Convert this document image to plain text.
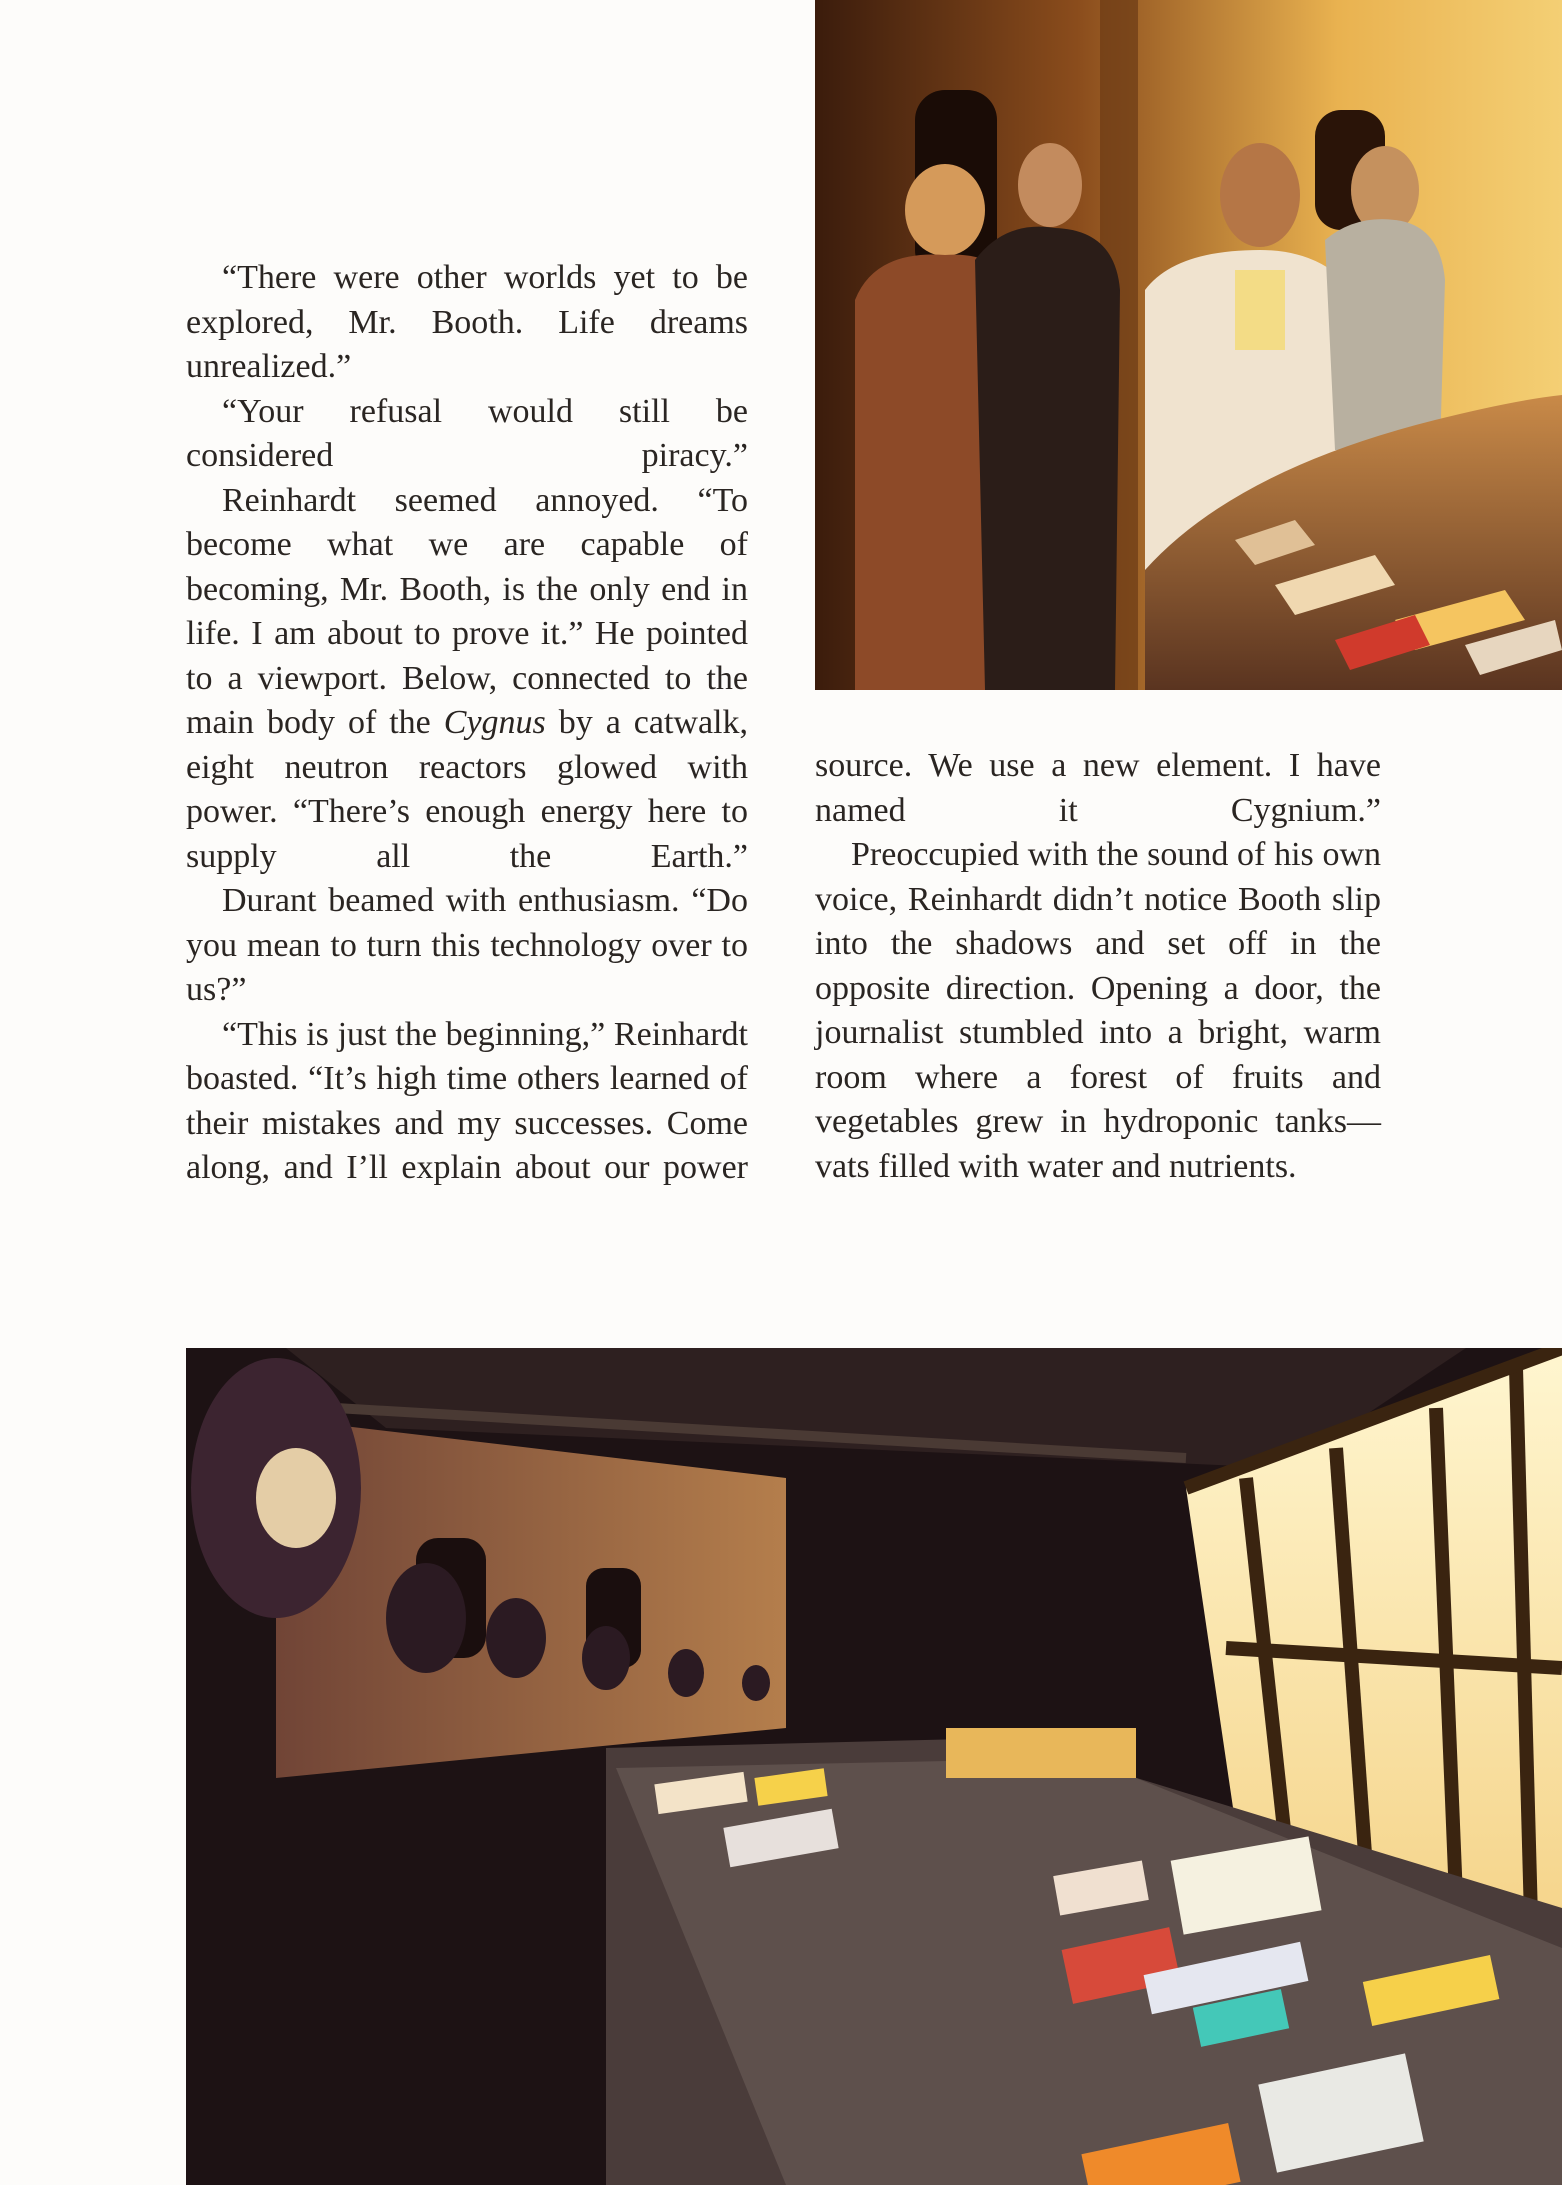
“There were other worlds yet to be explored, Mr. Booth. Life dreams unrealized.”

“Your refusal would still be considered piracy.”

Reinhardt seemed annoyed. “To become what we are capable of becoming, Mr. Booth, is the only end in life. I am about to prove it.” He pointed to a viewport. Below, connected to the main body of the Cygnus by a catwalk, eight neutron reactors glowed with power. “There’s enough energy here to supply all the Earth.”

Durant beamed with enthusiasm. “Do you mean to turn this technology over to us?”

“This is just the beginning,” Reinhardt boasted. “It’s high time others learned of their mistakes and my successes. Come along, and I’ll explain about our power

source. We use a new element. I have named it Cygnium.”

Preoccupied with the sound of his own voice, Reinhardt didn’t notice Booth slip into the shadows and set off in the opposite direction. Opening a door, the journalist stumbled into a bright, warm room where a forest of fruits and vegetables grew in hydroponic tanks—vats filled with water and nutrients.
